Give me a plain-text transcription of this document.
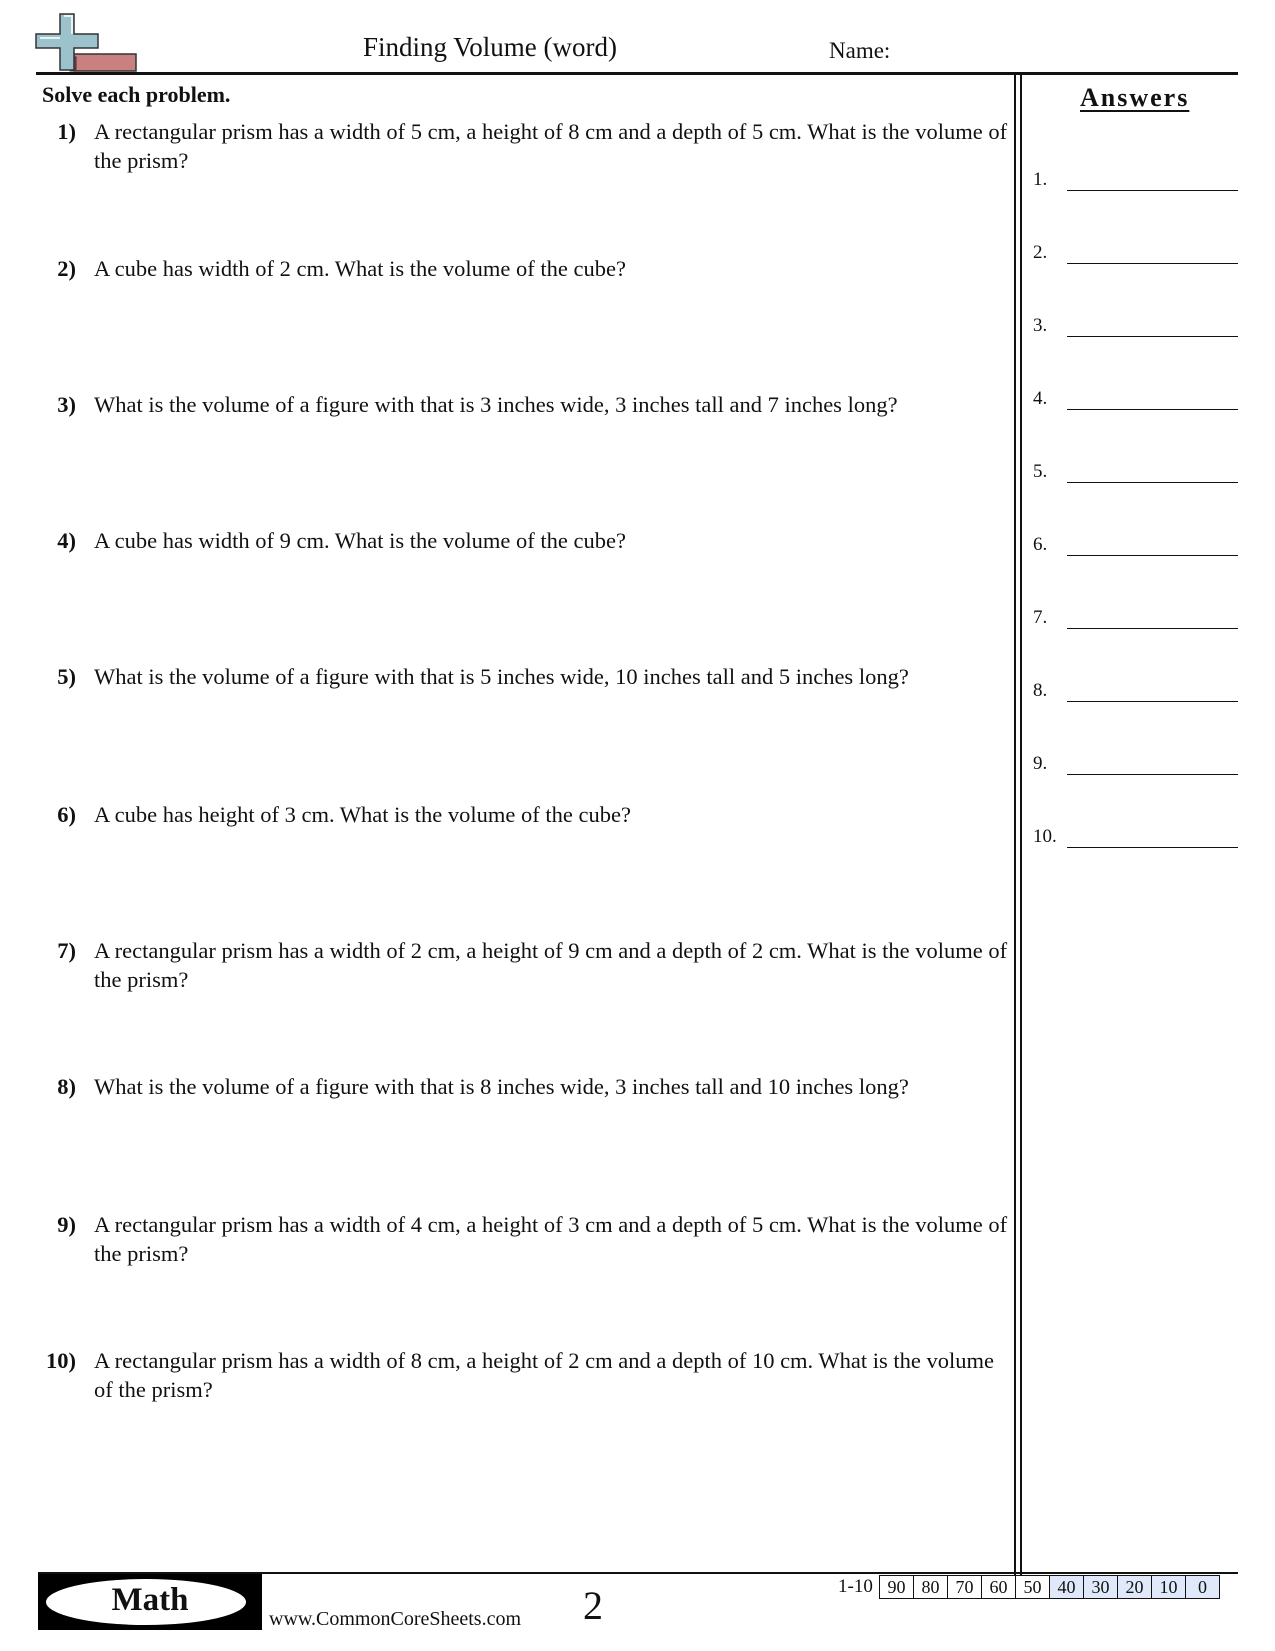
Finding Volume (word)	Name:
Solve each problem.
1) A rectangular prism has a width of 5 cm, a height of 8 cm and a depth of 5 cm. What is the volume of the prism?
2) A cube has width of 2 cm. What is the volume of the cube?
3) What is the volume of a figure with that is 3 inches wide, 3 inches tall and 7 inches long?
4) A cube has width of 9 cm. What is the volume of the cube?
5) What is the volume of a figure with that is 5 inches wide, 10 inches tall and 5 inches long?
6) A cube has height of 3 cm. What is the volume of the cube?
7) A rectangular prism has a width of 2 cm, a height of 9 cm and a depth of 2 cm. What is the volume of the prism?
8) What is the volume of a figure with that is 8 inches wide, 3 inches tall and 10 inches long?
9) A rectangular prism has a width of 4 cm, a height of 3 cm and a depth of 5 cm. What is the volume of the prism?
10) A rectangular prism has a width of 8 cm, a height of 2 cm and a depth of 10 cm. What is the volume of the prism?
Answers
1.
2.
3.
4.
5.
6.
7.
8.
9.
10.
Math
www.CommonCoreSheets.com 2	1-10 90	80	70	60	50	40	30	20	10	0
